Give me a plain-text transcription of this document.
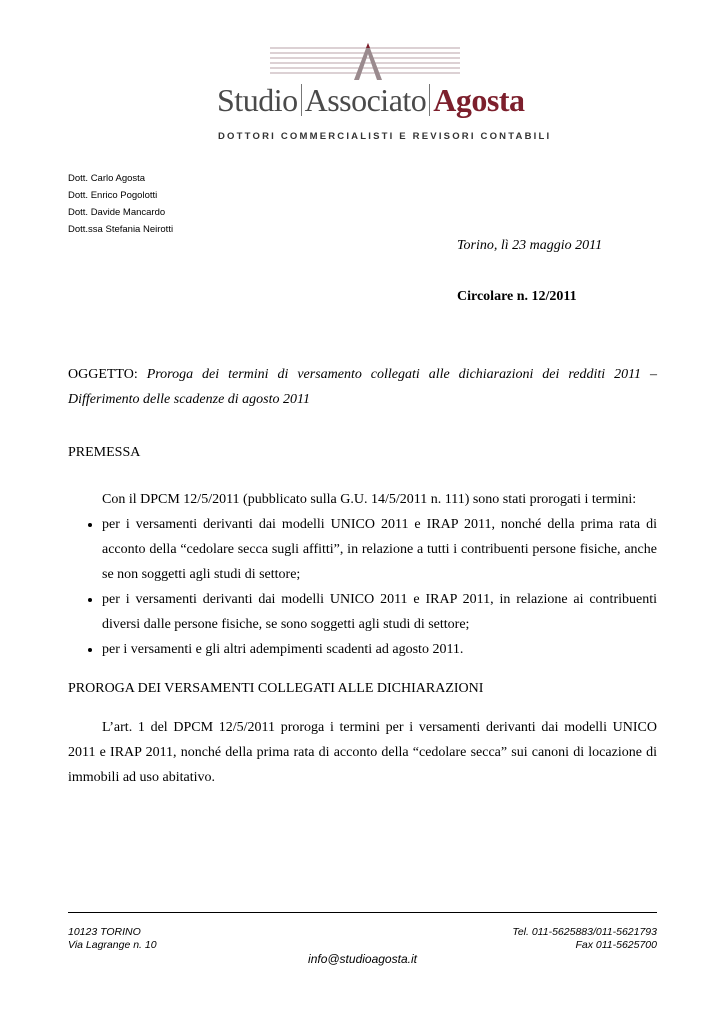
Studio Associato Agosta
DOTTORI COMMERCIALISTI E REVISORI CONTABILI
Dott. Carlo Agosta
Dott. Enrico Pogolotti
Dott. Davide Mancardo
Dott.ssa Stefania Neirotti
Torino, lì 23 maggio 2011
Circolare n. 12/2011

OGGETTO: Proroga dei termini di versamento collegati alle dichiarazioni dei redditi 2011 – Differimento delle scadenze di agosto 2011

PREMESSA

Con il DPCM 12/5/2011 (pubblicato sulla G.U. 14/5/2011 n. 111) sono stati prorogati i termini:

• per i versamenti derivanti dai modelli UNICO 2011 e IRAP 2011, nonché della prima rata di acconto della “cedolare secca sugli affitti”, in relazione a tutti i contribuenti persone fisiche, anche se non soggetti agli studi di settore;
• per i versamenti derivanti dai modelli UNICO 2011 e IRAP 2011, in relazione ai contribuenti diversi dalle persone fisiche, se sono soggetti agli studi di settore;
• per i versamenti e gli altri adempimenti scadenti ad agosto 2011.

PROROGA DEI VERSAMENTI COLLEGATI ALLE DICHIARAZIONI

L’art. 1 del DPCM 12/5/2011 proroga i termini per i versamenti derivanti dai modelli UNICO 2011 e IRAP 2011, nonché della prima rata di acconto della “cedolare secca” sui canoni di locazione di immobili ad uso abitativo.

10123 TORINO
Via Lagrange n. 10
Tel. 011-5625883/011-5621793
Fax 011-5625700
info@studioagosta.it
